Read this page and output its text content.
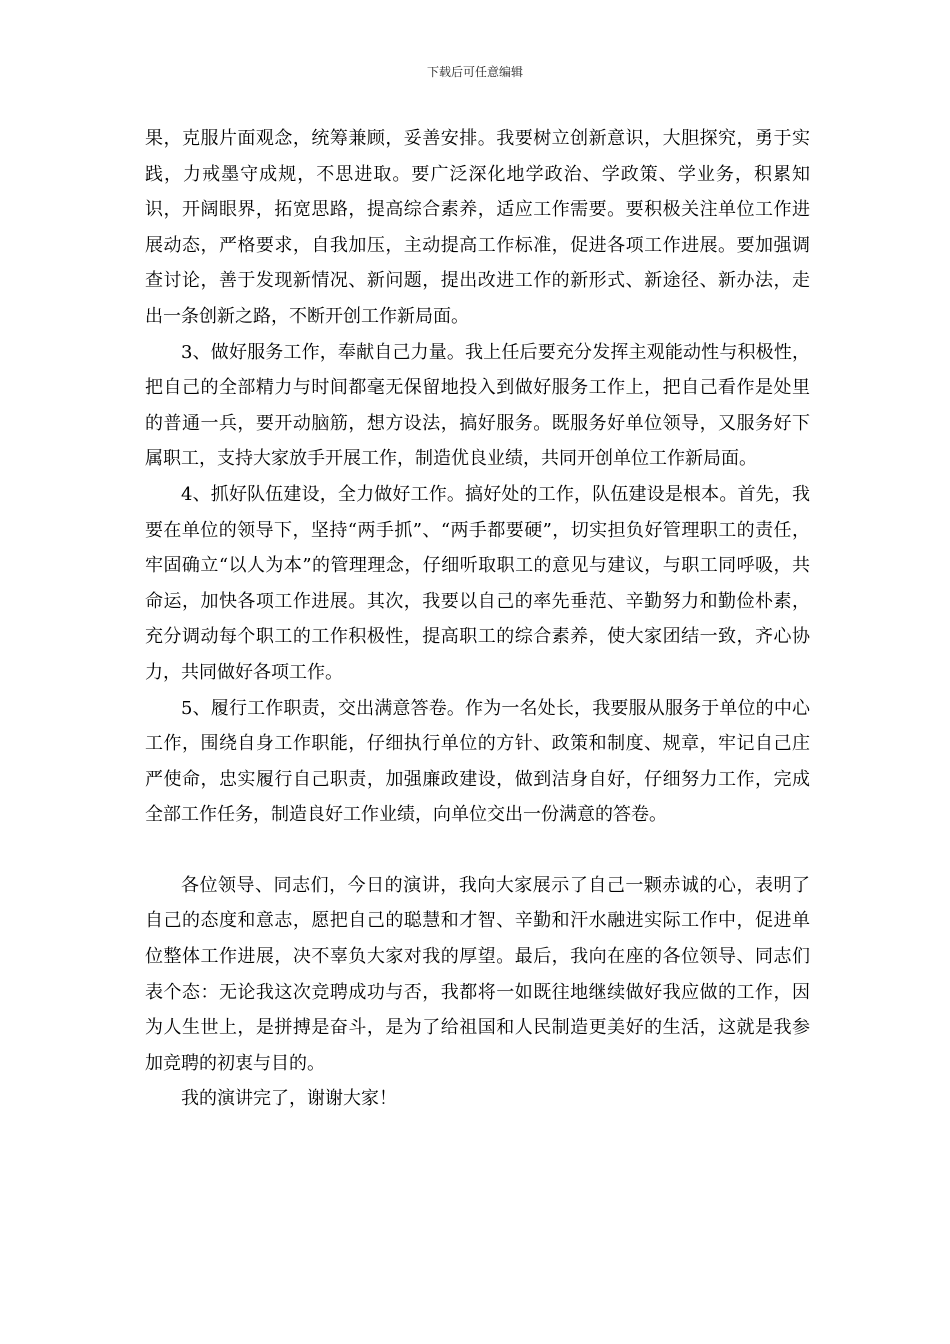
下载后可任意编辑

果，克服片面观念，统筹兼顾，妥善安排。我要树立创新意识，大胆探究，勇于实践，力戒墨守成规，不思进取。要广泛深化地学政治、学政策、学业务，积累知识，开阔眼界，拓宽思路，提高综合素养，适应工作需要。要积极关注单位工作进展动态，严格要求，自我加压，主动提高工作标准，促进各项工作进展。要加强调查讨论，善于发现新情况、新问题，提出改进工作的新形式、新途径、新办法，走出一条创新之路，不断开创工作新局面。

3、做好服务工作，奉献自己力量。我上任后要充分发挥主观能动性与积极性，把自己的全部精力与时间都毫无保留地投入到做好服务工作上，把自己看作是处里的普通一兵，要开动脑筋，想方设法，搞好服务。既服务好单位领导，又服务好下属职工，支持大家放手开展工作，制造优良业绩，共同开创单位工作新局面。

4、抓好队伍建设，全力做好工作。搞好处的工作，队伍建设是根本。首先，我要在单位的领导下，坚持“两手抓”、“两手都要硬”，切实担负好管理职工的责任，牢固确立“以人为本”的管理理念，仔细听取职工的意见与建议，与职工同呼吸，共命运，加快各项工作进展。其次，我要以自己的率先垂范、辛勤努力和勤俭朴素，充分调动每个职工的工作积极性，提高职工的综合素养，使大家团结一致，齐心协力，共同做好各项工作。

5、履行工作职责，交出满意答卷。作为一名处长，我要服从服务于单位的中心工作，围绕自身工作职能，仔细执行单位的方针、政策和制度、规章，牢记自己庄严使命，忠实履行自己职责，加强廉政建设，做到洁身自好，仔细努力工作，完成全部工作任务，制造良好工作业绩，向单位交出一份满意的答卷。

各位领导、同志们，今日的演讲，我向大家展示了自己一颗赤诚的心，表明了自己的态度和意志，愿把自己的聪慧和才智、辛勤和汗水融进实际工作中，促进单位整体工作进展，决不辜负大家对我的厚望。最后，我向在座的各位领导、同志们表个态：无论我这次竞聘成功与否，我都将一如既往地继续做好我应做的工作，因为人生世上，是拼搏是奋斗，是为了给祖国和人民制造更美好的生活，这就是我参加竞聘的初衷与目的。

我的演讲完了，谢谢大家！
